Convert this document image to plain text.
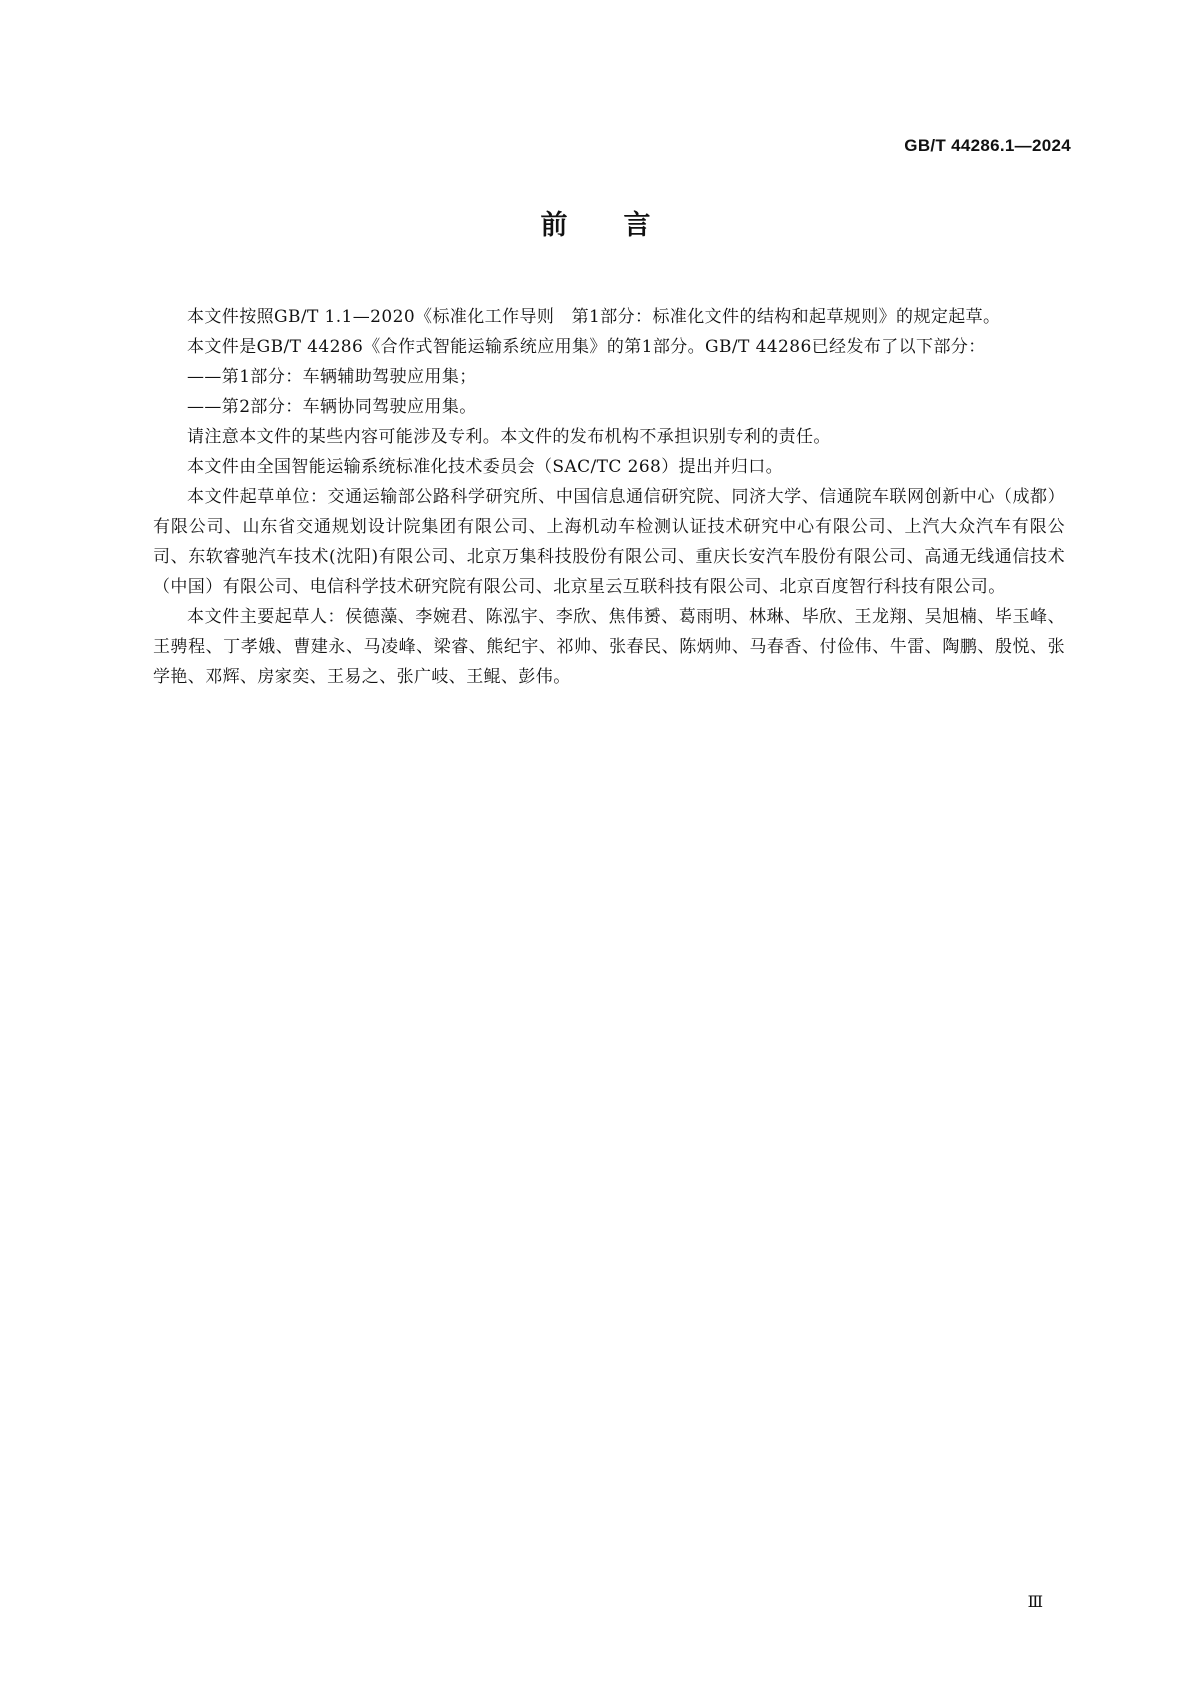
GB/T 44286.1—2024
前言

本文件按照GB/T 1.1—2020《标准化工作导则　第1部分：标准化文件的结构和起草规则》的规定起草。

本文件是GB/T 44286《合作式智能运输系统应用集》的第1部分。GB/T 44286已经发布了以下部分：

——第1部分：车辆辅助驾驶应用集；

——第2部分：车辆协同驾驶应用集。

请注意本文件的某些内容可能涉及专利。本文件的发布机构不承担识别专利的责任。

本文件由全国智能运输系统标准化技术委员会（SAC/TC 268）提出并归口。

本文件起草单位：交通运输部公路科学研究所、中国信息通信研究院、同济大学、信通院车联网创新中心（成都）有限公司、山东省交通规划设计院集团有限公司、上海机动车检测认证技术研究中心有限公司、上汽大众汽车有限公司、东软睿驰汽车技术(沈阳)有限公司、北京万集科技股份有限公司、重庆长安汽车股份有限公司、高通无线通信技术（中国）有限公司、电信科学技术研究院有限公司、北京星云互联科技有限公司、北京百度智行科技有限公司。

本文件主要起草人：侯德藻、李婉君、陈泓宇、李欣、焦伟赟、葛雨明、林琳、毕欣、王龙翔、吴旭楠、毕玉峰、王骋程、丁孝娥、曹建永、马凌峰、梁睿、熊纪宇、祁帅、张春民、陈炳帅、马春香、付俭伟、牛雷、陶鹏、殷悦、张学艳、邓辉、房家奕、王易之、张广岐、王鲲、彭伟。

Ⅲ
